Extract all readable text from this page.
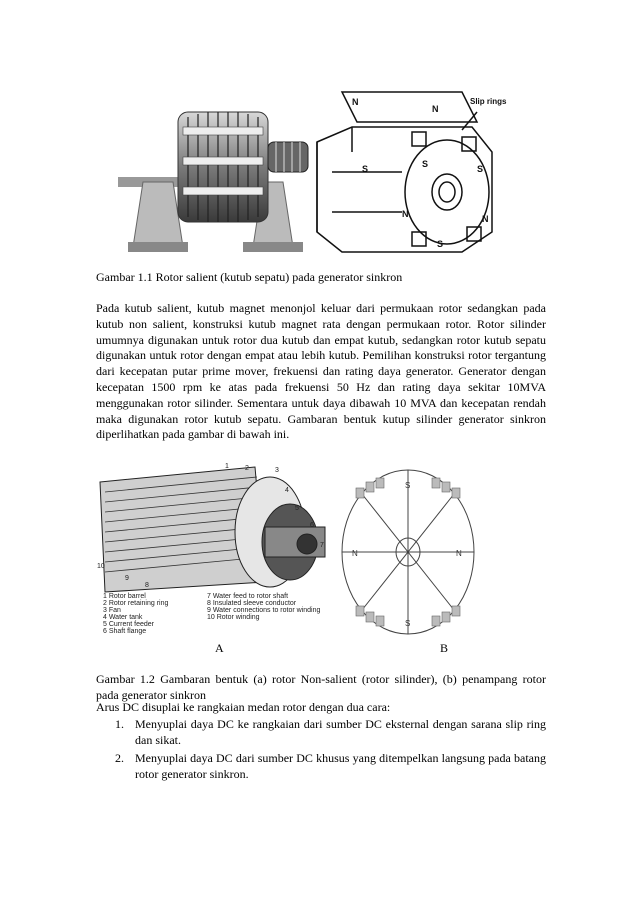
N
S
N
S
N
S
N
S
Slip rings
Gambar 1.1 Rotor salient (kutub sepatu) pada generator sinkron
Pada kutub salient, kutub magnet menonjol keluar dari permukaan rotor sedangkan pada kutub non salient, konstruksi kutub magnet rata dengan permukaan rotor. Rotor silinder umumnya digunakan untuk rotor dua kutub dan empat kutub, sedangkan rotor kutub sepatu digunakan untuk rotor dengan empat atau lebih kutub. Pemilihan konstruksi rotor tergantung dari kecepatan putar prime mover, frekuensi dan rating daya generator. Generator dengan kecepatan 1500 rpm ke atas pada frekuensi 50 Hz dan rating daya sekitar 10MVA menggunakan rotor silinder. Sementara untuk daya dibawah 10 MVA dan kecepatan rendah maka digunakan rotor kutub sepatu. Gambaran bentuk kutup silinder generator sinkron diperlihatkan pada gambar di bawah ini.
1 2	3
4
5
6
7
8
9
10
1 Rotor barrel
2 Rotor retaining ring
3 Fan
4 Water tank
5 Current feeder
6 Shaft flange
7 Water feed to rotor shaft
8 Insulated sleeve conductor
9 Water connections to rotor winding
10 Rotor winding
S
N	N
S
A	B
Gambar 1.2 Gambaran bentuk (a) rotor Non-salient (rotor silinder), (b) penampang rotor pada generator sinkron
Arus DC disuplai ke rangkaian medan rotor dengan dua cara:
1. Menyuplai daya DC ke rangkaian dari sumber DC eksternal dengan sarana slip ring dan sikat.
2. Menyuplai daya DC dari sumber DC khusus yang ditempelkan langsung pada batang rotor generator sinkron.
